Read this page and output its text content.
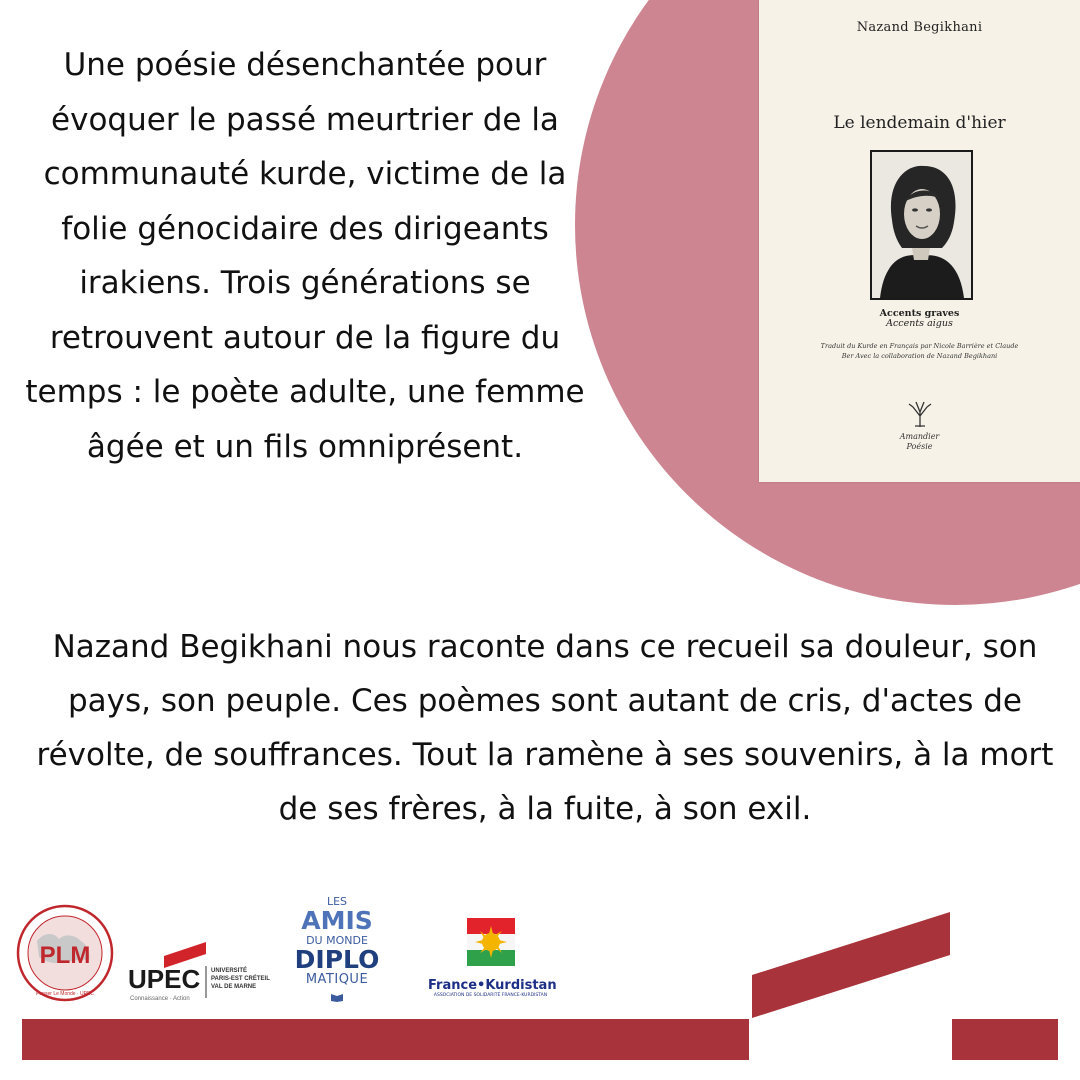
Une poésie désenchantée pour évoquer le passé meurtrier de la communauté kurde, victime de la folie génocidaire des dirigeants irakiens. Trois générations se retrouvent autour de la figure du temps : le poète adulte, une femme âgée et un fils omniprésent.

Nazand Begikhani
Le lendemain d'hier
Accents graves
Accents aigus
Traduit du Kurde en Français par Nicole Barrière et Claude Ber Avec la collaboration de Nazand Begikhani
Amandier
Poésie

Nazand Begikhani nous raconte dans ce recueil sa douleur, son pays, son peuple. Ces poèmes sont autant de cris, d'actes de révolte, de souffrances. Tout la ramène à ses souvenirs, à la mort de ses frères, à la fuite, à son exil.

PLM
Penser Le Monde · UPEC UPEC
Connaissance · Action
UNIVERSITÉ
PARIS-EST CRÉTEIL
VAL DE MARNE
LES
AMIS
DU MONDE
DIPLO
MATIQUE	France•Kurdistan
ASSOCIATION DE SOLIDARITÉ FRANCE-KURDISTAN
